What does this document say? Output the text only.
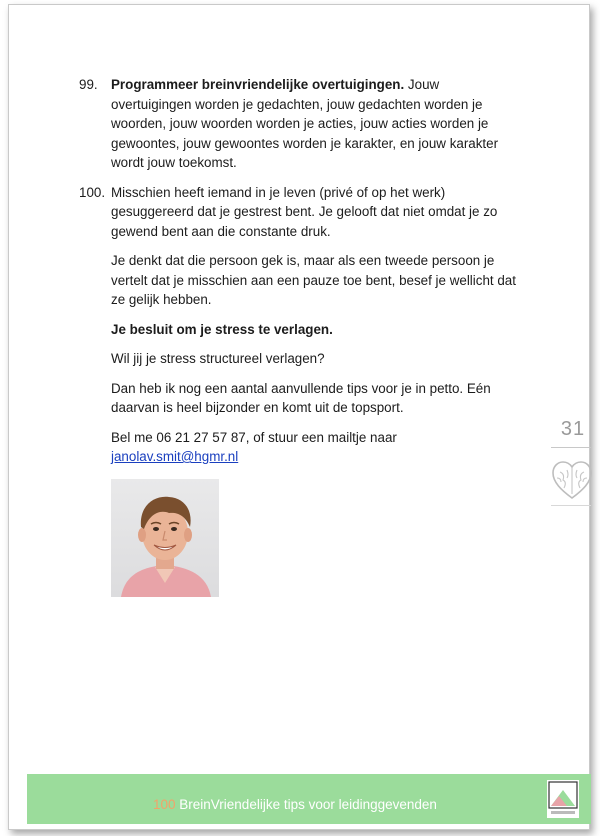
99. Programmeer breinvriendelijke overtuigingen. Jouw overtuigingen worden je gedachten, jouw gedachten worden je woorden, jouw woorden worden je acties, jouw acties worden je gewoontes, jouw gewoontes worden je karakter, en jouw karakter wordt jouw toekomst.

100. Misschien heeft iemand in je leven (privé of op het werk) gesuggereerd dat je gestrest bent. Je gelooft dat niet omdat je zo gewend bent aan die constante druk.

Je denkt dat die persoon gek is, maar als een tweede persoon je vertelt dat je misschien aan een pauze toe bent, besef je wellicht dat ze gelijk hebben.

Je besluit om je stress te verlagen.

Wil jij je stress structureel verlagen?

Dan heb ik nog een aantal aanvullende tips voor je in petto. Eén daarvan is heel bijzonder en komt uit de topsport.

Bel me 06 21 27 57 87, of stuur een mailtje naar
janolav.smit@hgmr.nl

31
100 BreinVriendelijke tips voor leidinggevenden
